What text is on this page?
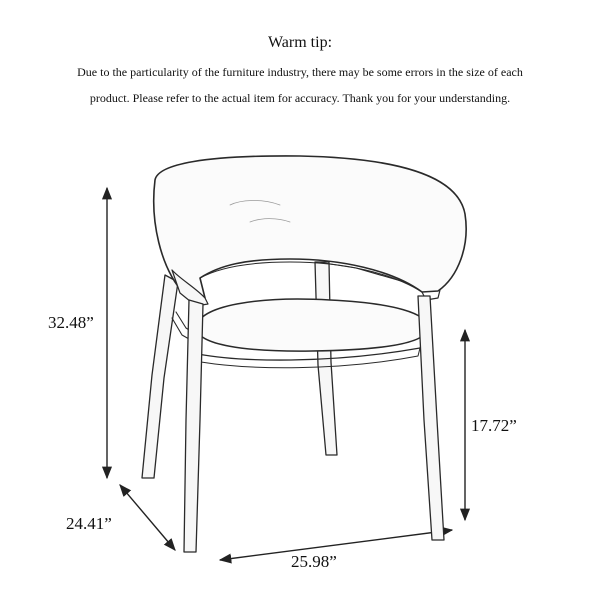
Warm tip:
Due to the particularity of the furniture industry, there may be some errors in the size of each
product. Please refer to the actual item for accuracy. Thank you for your understanding.
32.48”
17.72”
24.41”
25.98”
